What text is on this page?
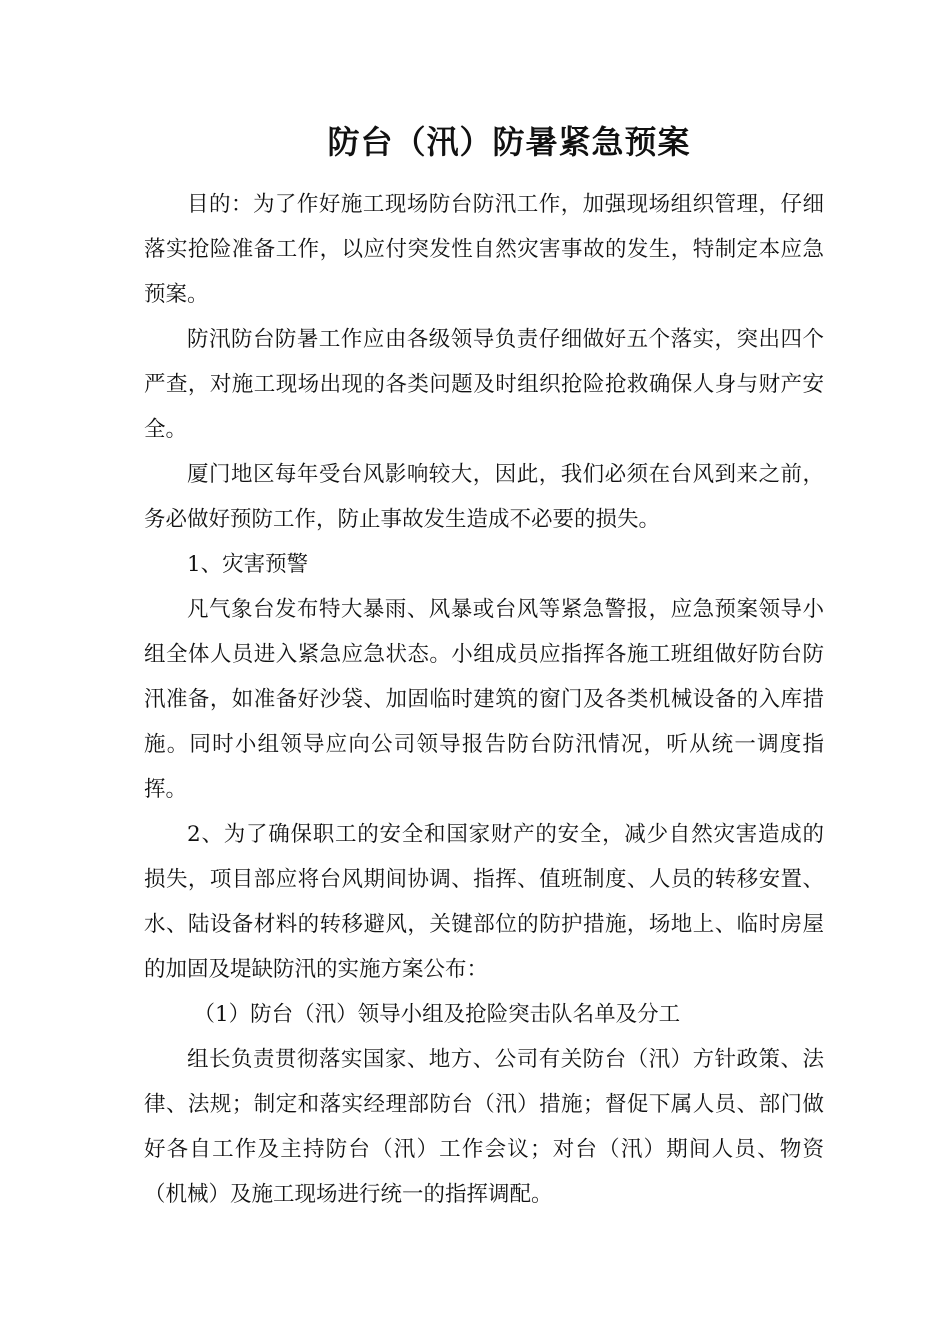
防台（汛）防暑紧急预案

目的：为了作好施工现场防台防汛工作，加强现场组织管理，仔细落实抢险准备工作，以应付突发性自然灾害事故的发生，特制定本应急预案。

防汛防台防暑工作应由各级领导负责仔细做好五个落实，突出四个严查，对施工现场出现的各类问题及时组织抢险抢救确保人身与财产安全。

厦门地区每年受台风影响较大，因此，我们必须在台风到来之前，务必做好预防工作，防止事故发生造成不必要的损失。

1、灾害预警

凡气象台发布特大暴雨、风暴或台风等紧急警报，应急预案领导小组全体人员进入紧急应急状态。小组成员应指挥各施工班组做好防台防汛准备，如准备好沙袋、加固临时建筑的窗门及各类机械设备的入库措施。同时小组领导应向公司领导报告防台防汛情况，听从统一调度指挥。

2、为了确保职工的安全和国家财产的安全，减少自然灾害造成的损失，项目部应将台风期间协调、指挥、值班制度、人员的转移安置、水、陆设备材料的转移避风，关键部位的防护措施，场地上、临时房屋的加固及堤缺防汛的实施方案公布：

（1）防台（汛）领导小组及抢险突击队名单及分工

组长负责贯彻落实国家、地方、公司有关防台（汛）方针政策、法律、法规；制定和落实经理部防台（汛）措施；督促下属人员、部门做好各自工作及主持防台（汛）工作会议；对台（汛）期间人员、物资（机械）及施工现场进行统一的指挥调配。
